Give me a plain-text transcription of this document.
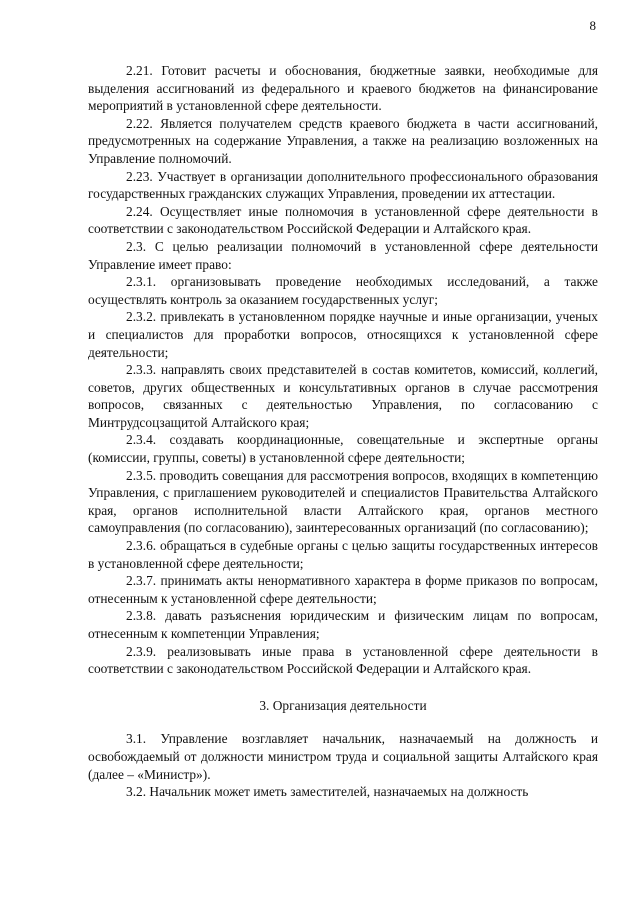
8

2.21. Готовит расчеты и обоснования, бюджетные заявки, необходимые для выделения ассигнований из федерального и краевого бюджетов на финансирование мероприятий в установленной сфере деятельности.

2.22. Является получателем средств краевого бюджета в части ассигнований, предусмотренных на содержание Управления, а также на реализацию возложенных на Управление полномочий.

2.23. Участвует в организации дополнительного профессионального образования государственных гражданских служащих Управления, проведении их аттестации.

2.24. Осуществляет иные полномочия в установленной сфере деятельности в соответствии с законодательством Российской Федерации и Алтайского края.

2.3. С целью реализации полномочий в установленной сфере деятельности Управление имеет право:

2.3.1. организовывать проведение необходимых исследований, а также осуществлять контроль за оказанием государственных услуг;

2.3.2. привлекать в установленном порядке научные и иные организации, ученых и специалистов для проработки вопросов, относящихся к установленной сфере деятельности;

2.3.3. направлять своих представителей в состав комитетов, комиссий, коллегий, советов, других общественных и консультативных органов в случае рассмотрения вопросов, связанных с деятельностью Управления, по согласованию с Минтрудсоцзащитой Алтайского края;

2.3.4. создавать координационные, совещательные и экспертные органы (комиссии, группы, советы) в установленной сфере деятельности;

2.3.5. проводить совещания для рассмотрения вопросов, входящих в компетенцию Управления, с приглашением руководителей и специалистов Правительства Алтайского края, органов исполнительной власти Алтайского края, органов местного самоуправления (по согласованию), заинтересованных организаций (по согласованию);

2.3.6. обращаться в судебные органы с целью защиты государственных интересов в установленной сфере деятельности;

2.3.7. принимать акты ненормативного характера в форме приказов по вопросам, отнесенным к установленной сфере деятельности;

2.3.8. давать разъяснения юридическим и физическим лицам по вопросам, отнесенным к компетенции Управления;

2.3.9. реализовывать иные права в установленной сфере деятельности в соответствии с законодательством Российской Федерации и Алтайского края.

3. Организация деятельности

3.1. Управление возглавляет начальник, назначаемый на должность и освобождаемый от должности министром труда и социальной защиты Алтайского края (далее – «Министр»).

3.2. Начальник может иметь заместителей, назначаемых на должность
